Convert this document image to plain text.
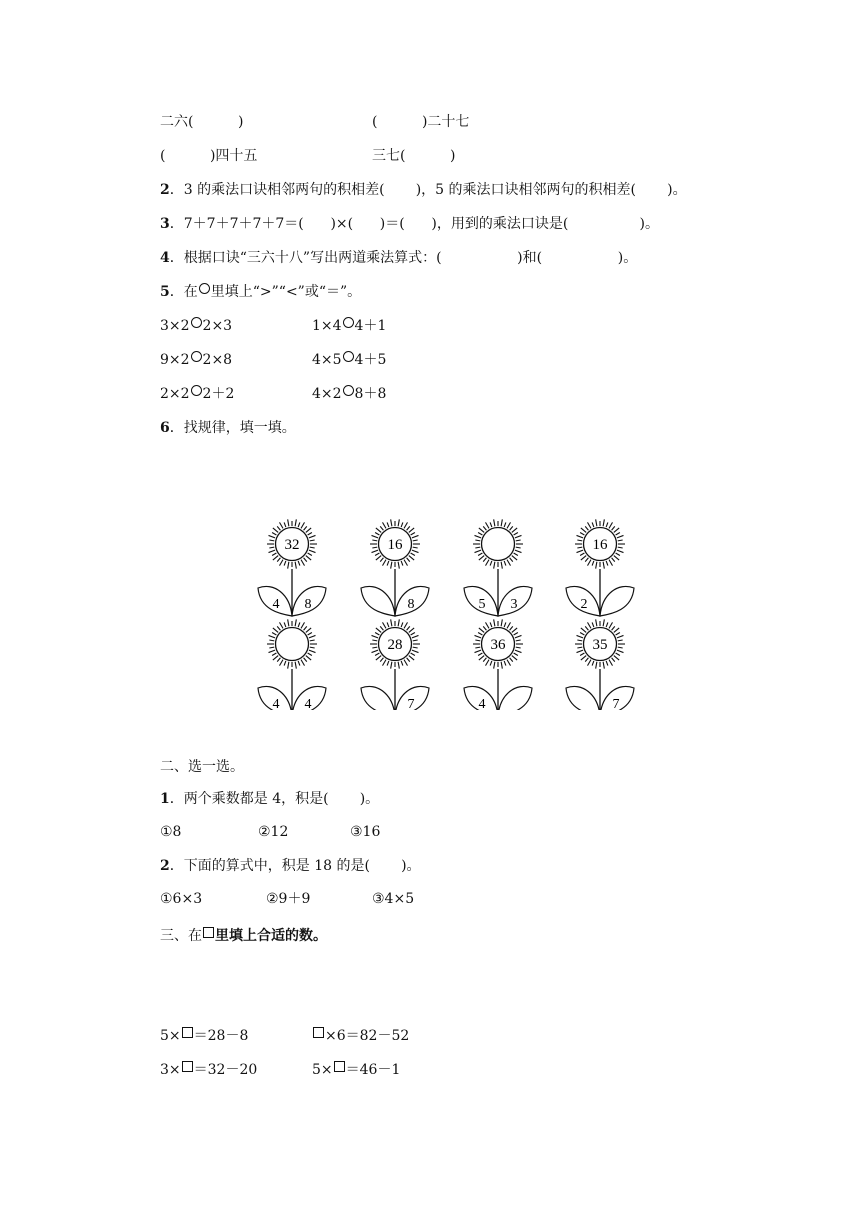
二六(          )	(          )二十七
(          )四十五	三七(          )
2．3 的乘法口诀相邻两句的积相差(       )，5 的乘法口诀相邻两句的积相差(       )。
3．7＋7＋7＋7＋7＝(      )×(      )＝(      )，用到的乘法口诀是(                )。
4．根据口诀“三六十八”写出两道乘法算式：(                 )和(                 )。
5．在 里填上“>”“<”或“＝”。
3×2 2×3	1×4 4＋1
9×2 2×8	4×5 4＋5
2×2 2＋2	4×2 8＋8
6．找规律，填一填。
32
4 8
16
8	5 3
16
2
4 4
28
7
36
4
35
7
二、选一选。
1．两个乘数都是 4，积是(       )。
①8	②12	③16
2．下面的算式中，积是 18 的是(       )。
①6×3	②9＋9	③4×5
三、在 里填上合适的数。
5× ＝28－8	×6＝82－52
3× ＝32－20	5× ＝46－1
